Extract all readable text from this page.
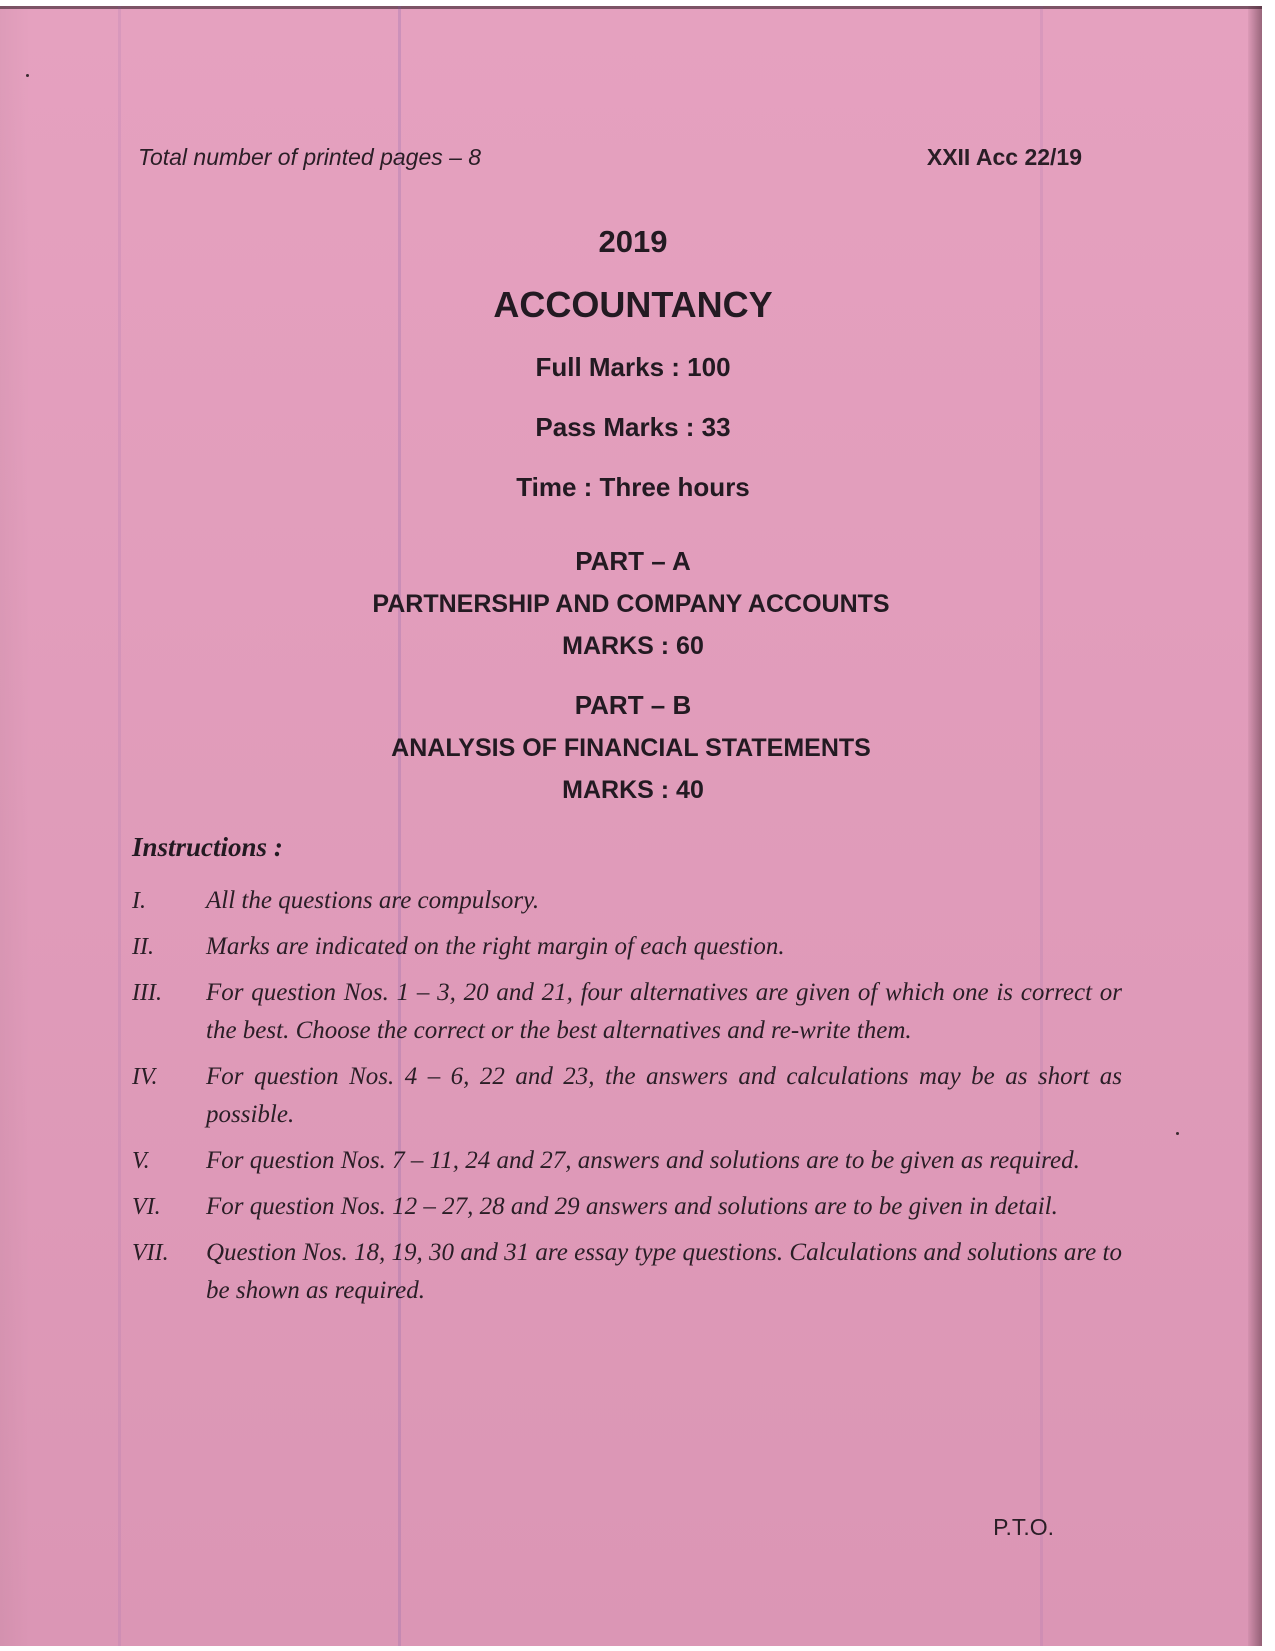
Total number of printed pages – 8	XXII Acc 22/19
2019
ACCOUNTANCY
Full Marks : 100
Pass Marks : 33
Time : Three hours
PART – A
PARTNERSHIP AND COMPANY ACCOUNTS
MARKS : 60
PART – B
ANALYSIS OF FINANCIAL STATEMENTS
MARKS : 40
Instructions :
I.	All the questions are compulsory.
II.	Marks are indicated on the right margin of each question.
III.	For question Nos. 1 – 3, 20 and 21, four alternatives are given of which one is correct or the best. Choose the correct or the best alternatives and re-write them.
IV.	For question Nos. 4 – 6, 22 and 23, the answers and calculations may be as short as possible.
V.	For question Nos. 7 – 11, 24 and 27, answers and solutions are to be given as required.
VI.	For question Nos. 12 – 27, 28 and 29 answers and solutions are to be given in detail.
VII.	Question Nos. 18, 19, 30 and 31 are essay type questions. Calculations and solutions are to be shown as required.
P.T.O.
